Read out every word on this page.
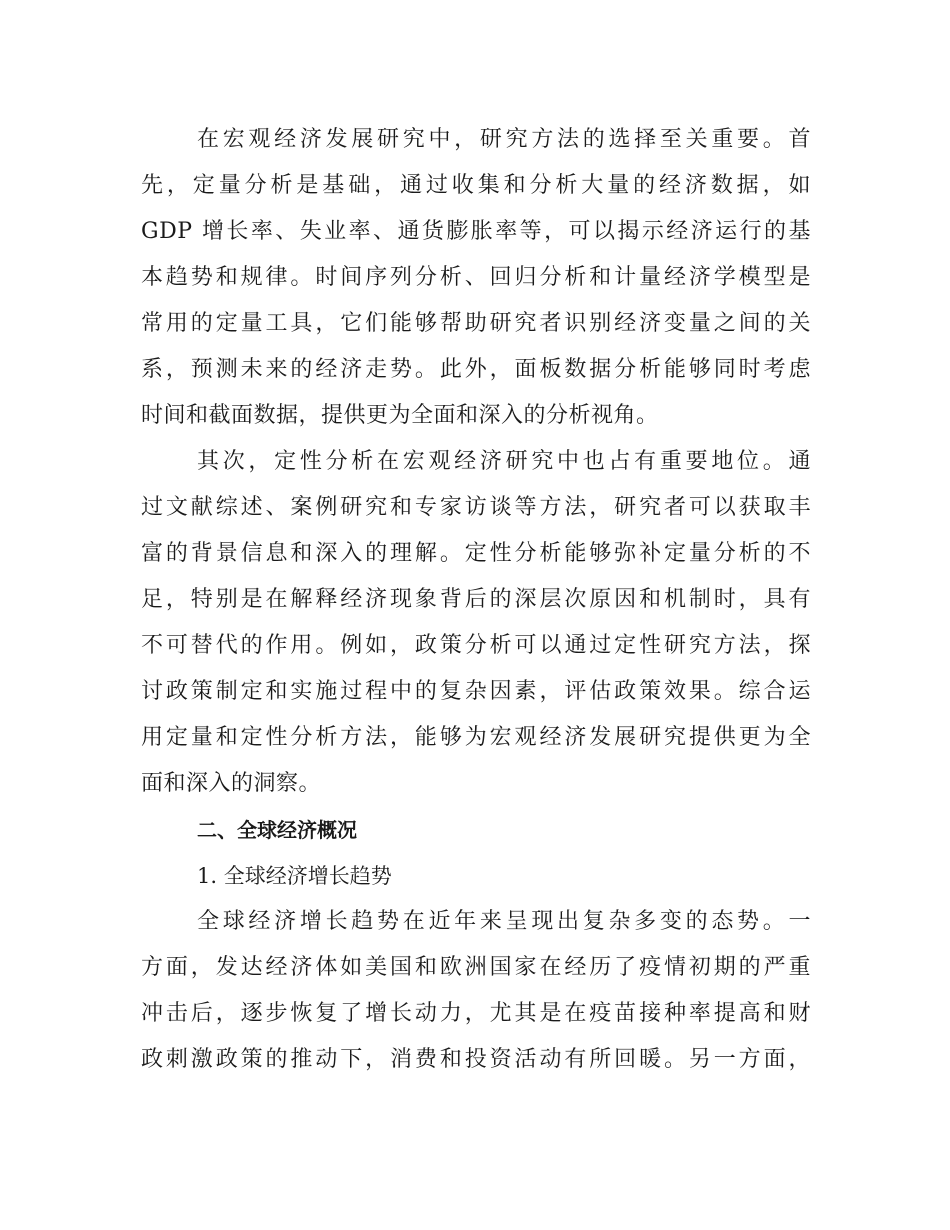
在宏观经济发展研究中，研究方法的选择至关重要。首
先，定量分析是基础，通过收集和分析大量的经济数据，如
GDP 增长率、失业率、通货膨胀率等，可以揭示经济运行的基
本趋势和规律。时间序列分析、回归分析和计量经济学模型是
常用的定量工具，它们能够帮助研究者识别经济变量之间的关
系，预测未来的经济走势。此外，面板数据分析能够同时考虑
时间和截面数据，提供更为全面和深入的分析视角。
其次，定性分析在宏观经济研究中也占有重要地位。通
过文献综述、案例研究和专家访谈等方法，研究者可以获取丰
富的背景信息和深入的理解。定性分析能够弥补定量分析的不
足，特别是在解释经济现象背后的深层次原因和机制时，具有
不可替代的作用。例如，政策分析可以通过定性研究方法，探
讨政策制定和实施过程中的复杂因素，评估政策效果。综合运
用定量和定性分析方法，能够为宏观经济发展研究提供更为全
面和深入的洞察。
二、全球经济概况
1. 全球经济增长趋势
全球经济增长趋势在近年来呈现出复杂多变的态势。一
方面，发达经济体如美国和欧洲国家在经历了疫情初期的严重
冲击后，逐步恢复了增长动力，尤其是在疫苗接种率提高和财
政刺激政策的推动下，消费和投资活动有所回暖。另一方面，
